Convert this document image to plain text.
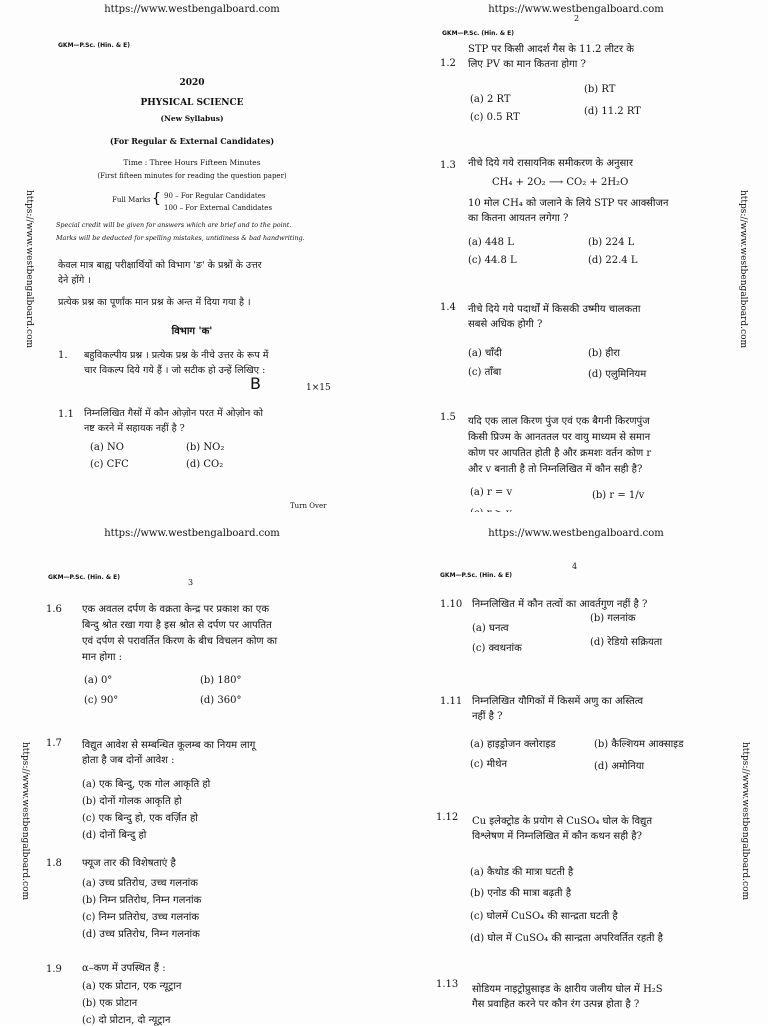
https://www.westbengalboard.com
https://www.westbengalboard.com
GKM—P.Sc. (Hin. & E)
2020
PHYSICAL SCIENCE
(New Syllabus)
(For Regular & External Candidates)
Time : Three Hours Fifteen Minutes
(First fifteen minutes for reading the question paper)
Full Marks { 90 – For Regular Candidates
100 – For External Candidates
Special credit will be given for answers which are brief and to the point.
Marks will be deducted for spelling mistakes, untidiness & bad handwriting.
केवल मात्र बाह्य परीक्षार्थियों को विभाग 'ङ' के प्रश्नों के उत्तर
देने होंगे ।
प्रत्येक प्रश्न का पूर्णांक मान प्रश्न के अन्त में दिया गया है ।
विभाग 'क'
1. बहुविकल्पीय प्रश्न । प्रत्येक प्रश्न के नीचे उत्तर के रूप में
चार विकल्प दिये गये हैं । जो सटीक हो उन्हें लिखिए :
B	1×15
1.1 निम्नलिखित गैसों में कौन ओज़ोन परत में ओज़ोन को
नष्ट करने में सहायक नहीं है ?
(a) NO	(b) NO₂
(c) CFC	(d) CO₂
Turn Over
https://www.westbengalboard.com
2
https://www.westbengalboard.com
GKM—P.Sc. (Hin. & E)
1.2
STP पर किसी आदर्श गैस के 11.2 लीटर के
लिए PV का मान कितना होगा ?
(a) 2 RT
(b) RT
(c) 0.5 RT
(d) 11.2 RT
1.3 नीचे दिये गये रासायनिक समीकरण के अनुसार
CH₄ + 2O₂ ⟶ CO₂ + 2H₂O
10 मोल CH₄ को जलाने के लिये STP पर आक्सीजन
का कितना आयतन लगेगा ?
(a) 448 L	(b) 224 L
(c) 44.8 L	(d) 22.4 L
1.4 नीचे दिये गये पदार्थों में किसकी उष्मीय चालकता
सबसे अधिक होगी ?
(a) चाँदी	(b) हीरा
(c) ताँबा	(d) एलुमिनियम
1.5 यदि एक लाल किरण पुंज एवं एक बैगनी किरणपुंज
किसी प्रिज्म के आनततल पर वायु माध्यम से समान
कोण पर आपतित होती है और क्रमशः वर्तन कोण r
और v बनाती है तो निम्नलिखित में कौन सही है?
(a) r = v	(b) r = 1/v
https://www.westbengalboard.com
https://www.westbengalboard.com
GKM—P.Sc. (Hin. & E)
3
1.6 एक अवतल दर्पण के वक्रता केन्द्र पर प्रकाश का एक
बिन्दु श्रोत रखा गया है इस श्रोत से दर्पण पर आपतित
एवं दर्पण से परावर्तित किरण के बीच विचलन कोण का
मान होगा :
(a) 0°	(b) 180°
(c) 90°	(d) 360°
1.7 विद्युत आवेश से सम्बन्धित कूलम्ब का नियम लागू
होता है जब दोनों आवेश :
(a) एक बिन्दु, एक गोल आकृति हो
(b) दोनों गोलक आकृति हो
(c) एक बिन्दु हो, एक वर्ज़ित हो
(d) दोनों बिन्दु हो
1.8 फ्यूज तार की विशेषताएं है
(a) उच्च प्रतिरोध, उच्च गलनांक
(b) निम्न प्रतिरोध, निम्न गलनांक
(c) निम्न प्रतिरोध, उच्च गलनांक
(d) उच्च प्रतिरोध, निम्न गलनांक
1.9 α–कण में उपस्थित हैं :
(a) एक प्रोटान, एक न्यूट्रान
(b) एक प्रोटान
(c) दो प्रोटान, दो न्यूट्रान
https://www.westbengalboard.com
4
https://www.westbengalboard.com
GKM—P.Sc. (Hin. & E)
1.10 निम्नलिखित में कौन तत्वों का आवर्तगुण नहीं है ?
(a) घनत्व
(b) गलनांक
(c) क्वथनांक
(d) रेडियो सक्रियता
1.11 निम्नलिखित यौगिकों में किसमें अणु का अस्तित्व
नहीं है ?
(a) हाइड्रोजन क्लोराइड	(b) कैल्शियम आक्साइड
(c) मीथेन	(d) अमोनिया
1.12 Cu इलेक्ट्रोड के प्रयोग से CuSO₄ घोल के विद्युत
विश्लेषण में निम्नलिखित में कौन कथन सही है?
(a) कैथोड की मात्रा घटती है
(b) एनोड की मात्रा बढ़ती है
(c) घोलमें CuSO₄ की सान्द्रता घटती है
(d) घोल में CuSO₄ की सान्द्रता अपरिवर्तित रहती है
1.13 सोडियम नाइट्रोप्रुसाइड के क्षारीय जलीय घोल में H₂S
गैस प्रवाहित करने पर कौन रंग उत्पन्न होता है ?
